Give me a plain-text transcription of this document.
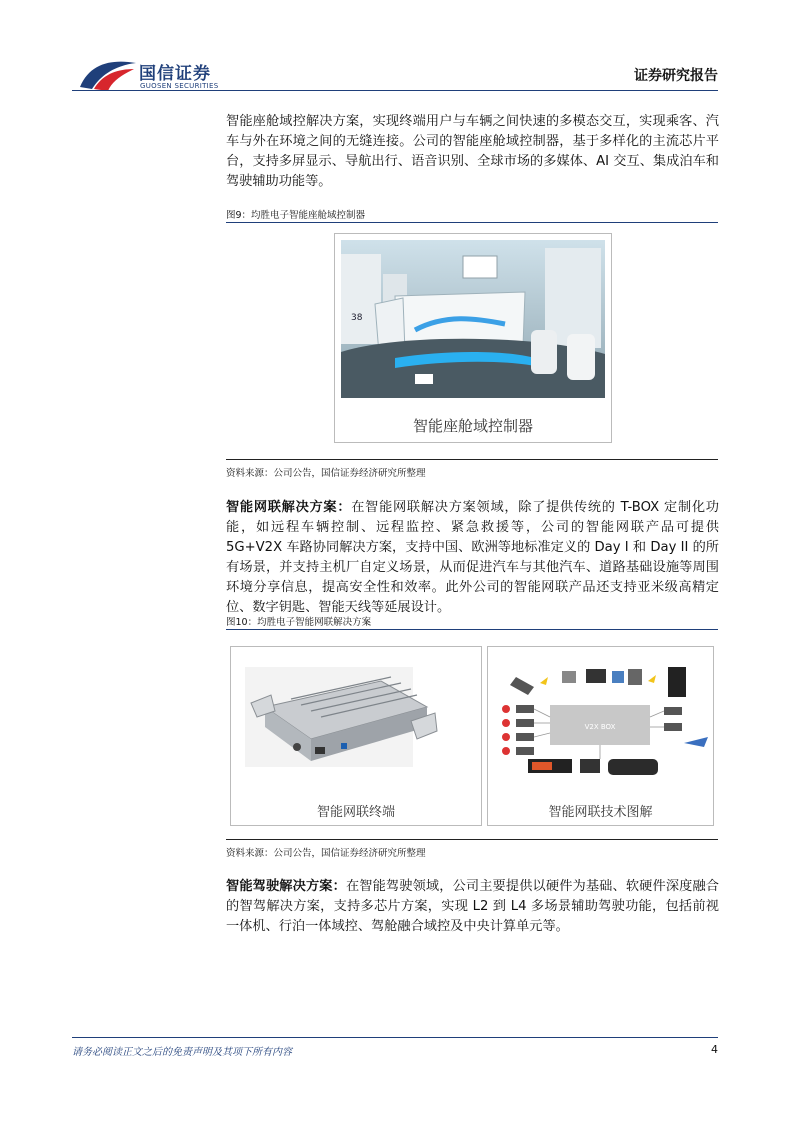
国信证券
GUOSEN SECURITIES
证券研究报告
智能座舱域控解决方案，实现终端用户与车辆之间快速的多模态交互，实现乘客、汽车与外在环境之间的无缝连接。公司的智能座舱域控制器，基于多样化的主流芯片平台，支持多屏显示、导航出行、语音识别、全球市场的多媒体、AI 交互、集成泊车和驾驶辅助功能等。
图9：均胜电子智能座舱域控制器
38
智能座舱域控制器
资料来源：公司公告，国信证券经济研究所整理
智能网联解决方案：在智能网联解决方案领域，除了提供传统的 T-BOX 定制化功能，如远程车辆控制、远程监控、紧急救援等，公司的智能网联产品可提供 5G+V2X 车路协同解决方案，支持中国、欧洲等地标准定义的 Day I 和 Day II 的所有场景，并支持主机厂自定义场景，从而促进汽车与其他汽车、道路基础设施等周围环境分享信息，提高安全性和效率。此外公司的智能网联产品还支持亚米级高精定位、数字钥匙、智能天线等延展设计。
图10：均胜电子智能网联解决方案
智能网联终端
V2X BOX
智能网联技术图解
资料来源：公司公告，国信证券经济研究所整理
智能驾驶解决方案：在智能驾驶领域，公司主要提供以硬件为基础、软硬件深度融合的智驾解决方案，支持多芯片方案，实现 L2 到 L4 多场景辅助驾驶功能，包括前视一体机、行泊一体域控、驾舱融合域控及中央计算单元等。
请务必阅读正文之后的免责声明及其项下所有内容	4
